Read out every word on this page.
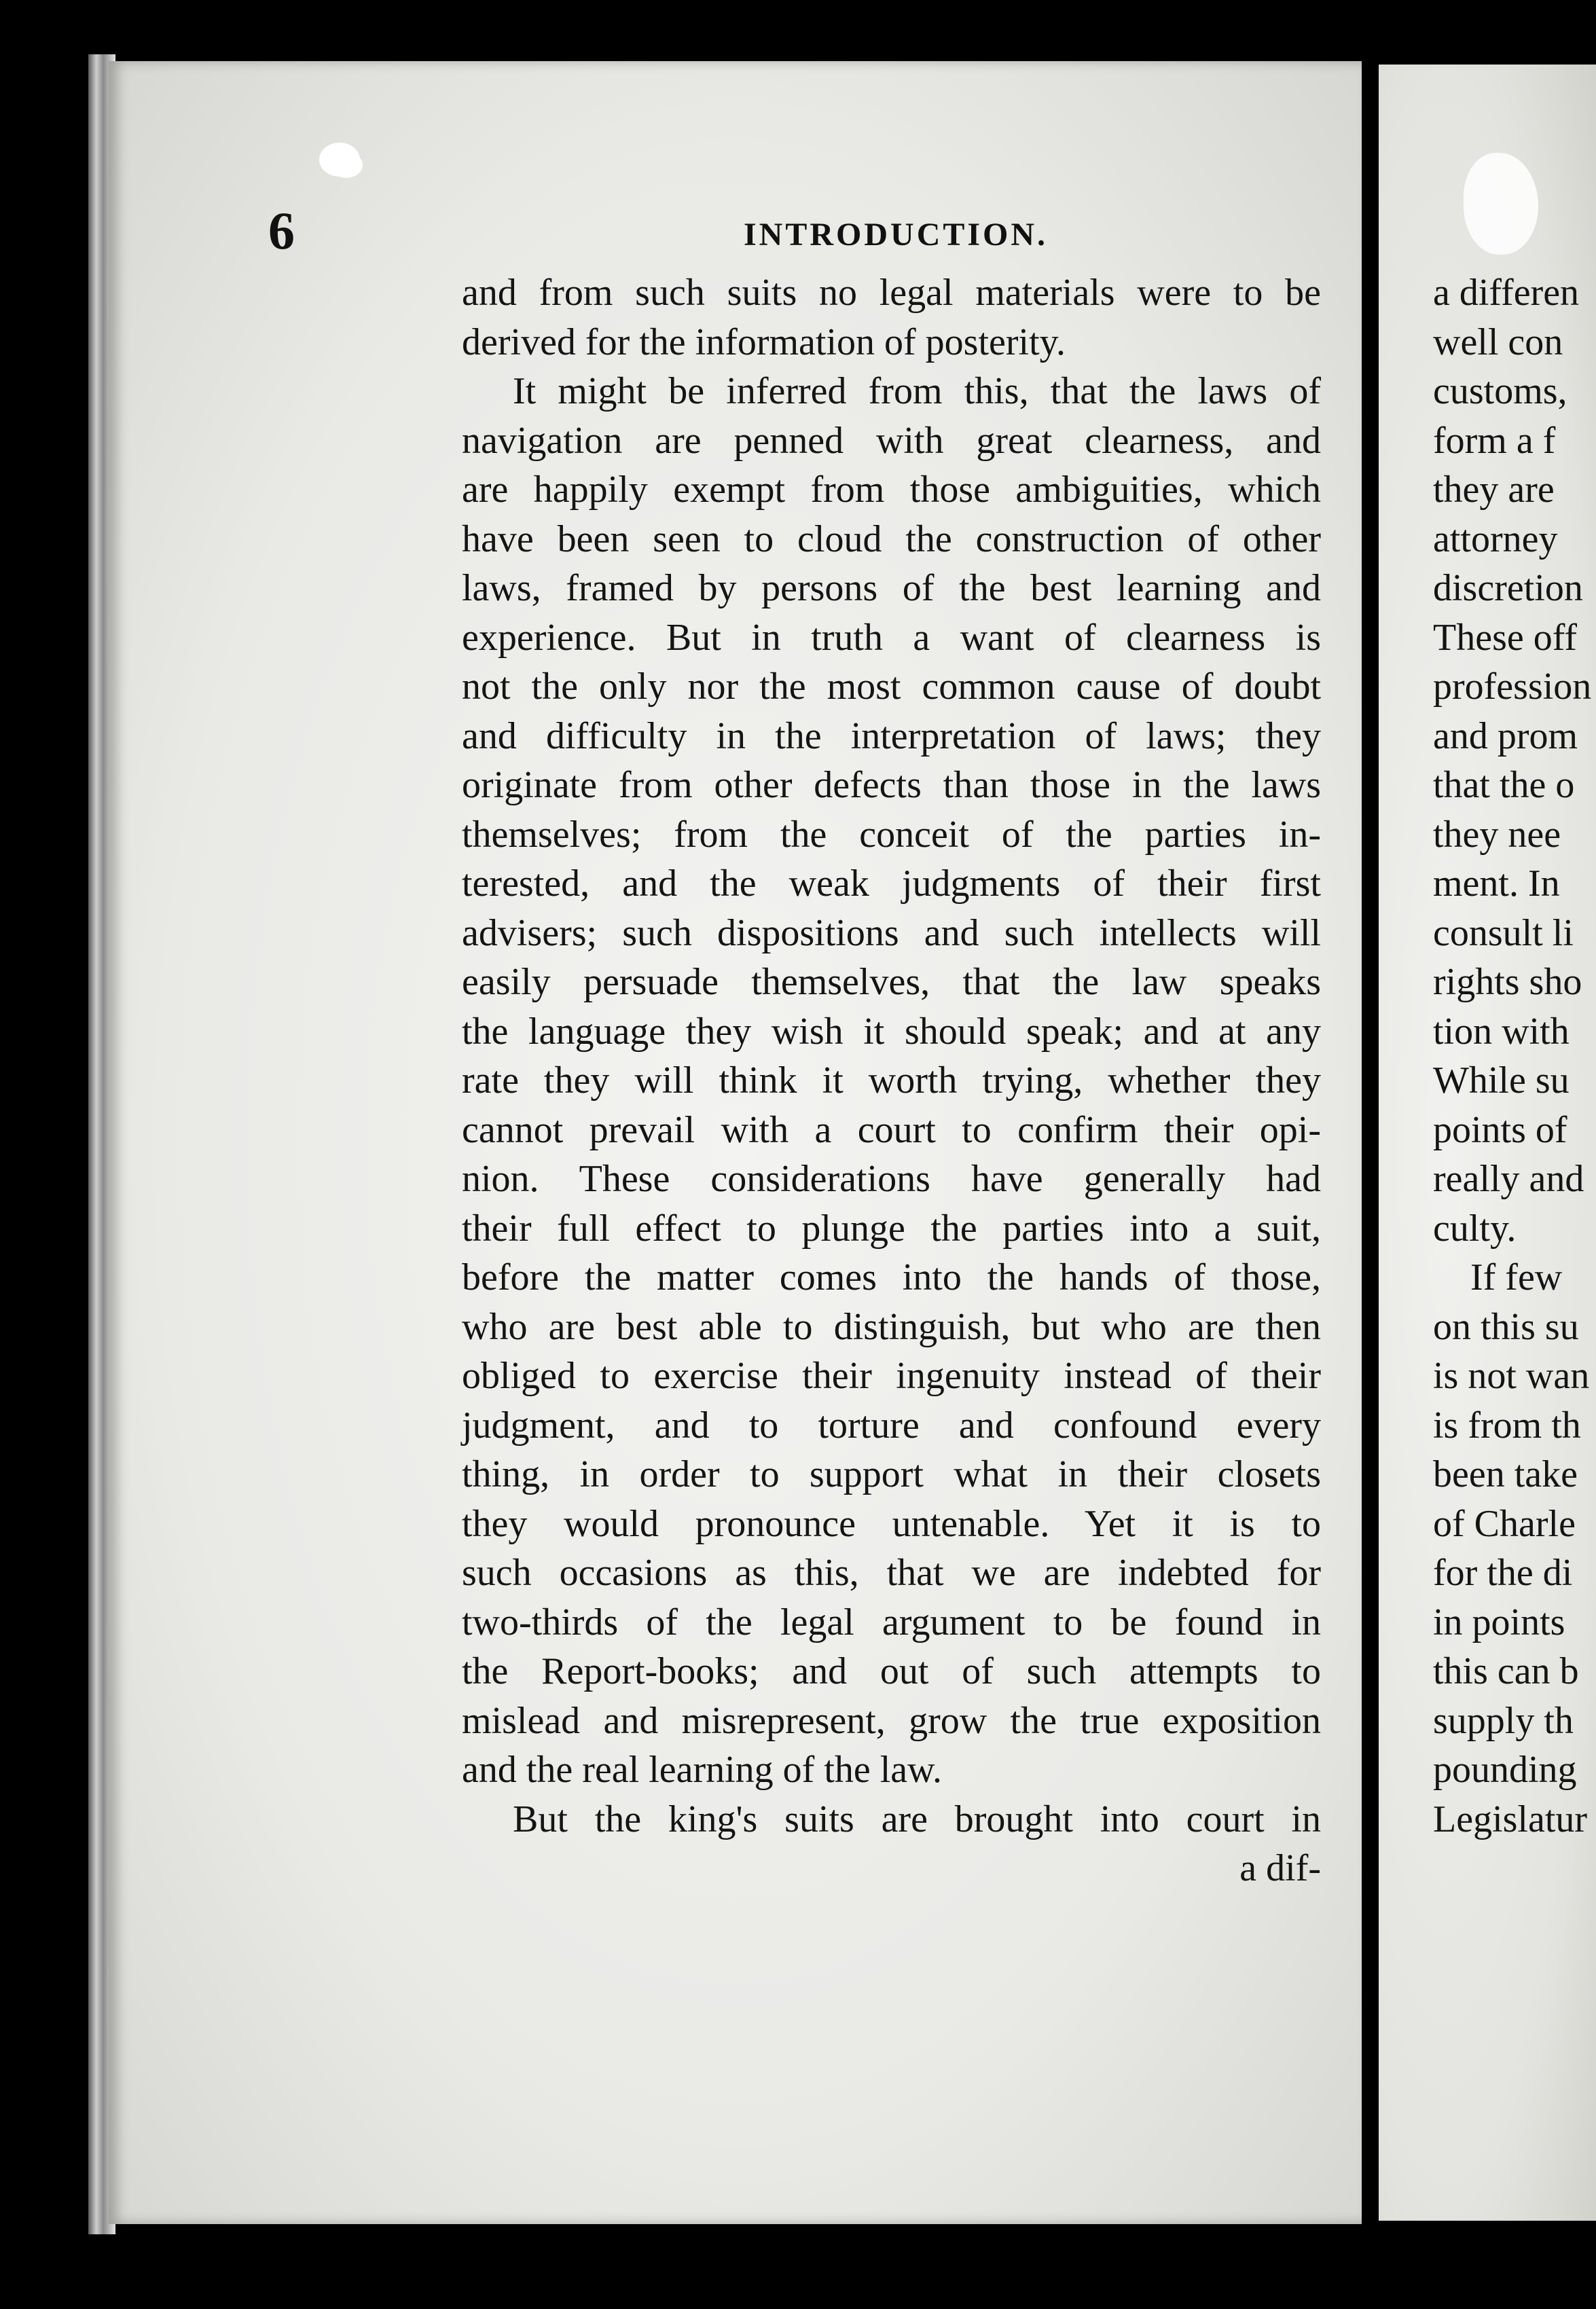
6	INTRODUCTION.
and from such suits no legal materials were to be
derived for the information of posterity.
It might be inferred from this, that the laws of
navigation are penned with great clearness, and
are happily exempt from those ambiguities, which
have been seen to cloud the construction of other
laws, framed by persons of the best learning and
experience. But in truth a want of clearness is
not the only nor the most common cause of doubt
and difficulty in the interpretation of laws; they
originate from other defects than those in the laws
themselves; from the conceit of the parties in-
terested, and the weak judgments of their first
advisers; such dispositions and such intellects will
easily persuade themselves, that the law speaks
the language they wish it should speak; and at any
rate they will think it worth trying, whether they
cannot prevail with a court to confirm their opi-
nion. These considerations have generally had
their full effect to plunge the parties into a suit,
before the matter comes into the hands of those,
who are best able to distinguish, but who are then
obliged to exercise their ingenuity instead of their
judgment, and to torture and confound every
thing, in order to support what in their closets
they would pronounce untenable. Yet it is to
such occasions as this, that we are indebted for
two-thirds of the legal argument to be found in
the Report-books; and out of such attempts to
mislead and misrepresent, grow the true exposition
and the real learning of the law.
But the king's suits are brought into court in
a dif-
a differen
well con
customs,
form a f
they are
attorney
discretion
These off
profession
and prom
that the o
they nee
ment. In
consult li
rights sho
tion with
While su
points of
really and
culty.
If few
on this su
is not wan
is from th
been take
of Charle
for the di
in points
this can b
supply th
pounding
Legislatur
